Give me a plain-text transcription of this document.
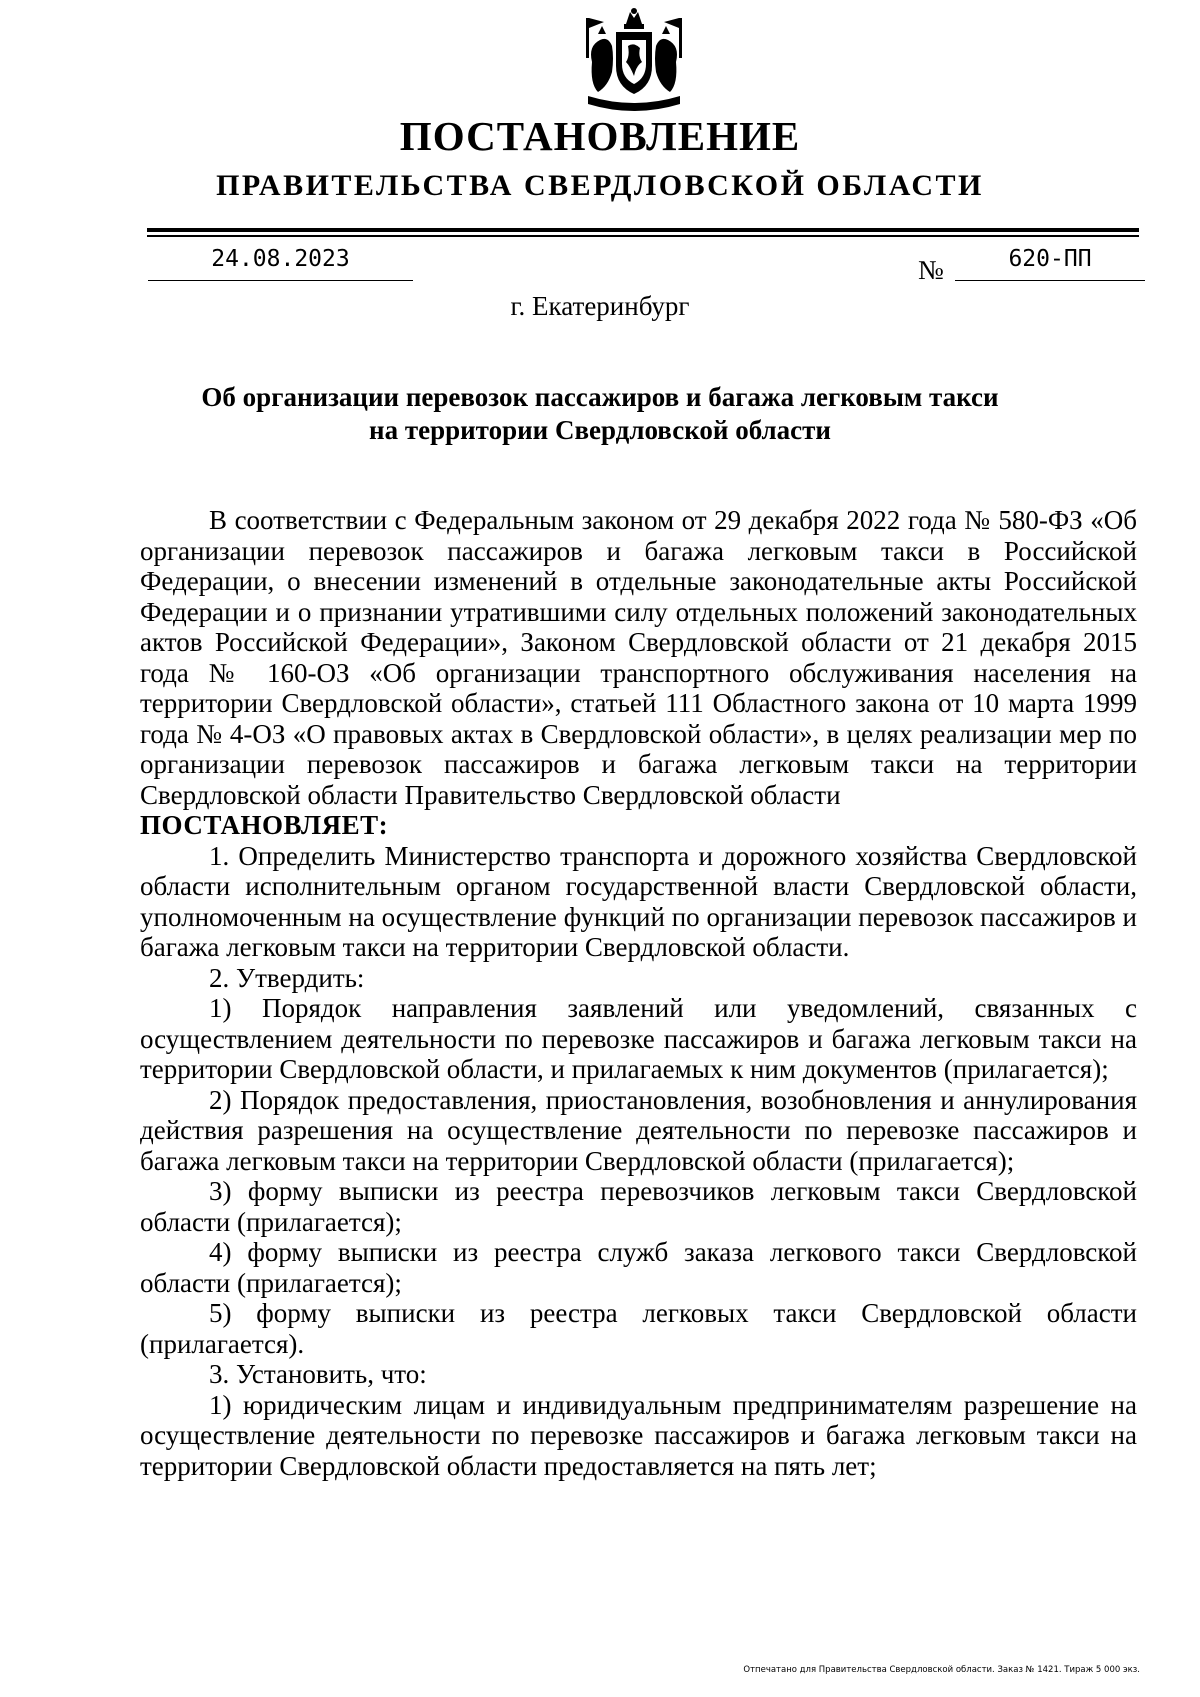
ПОСТАНОВЛЕНИЕ
ПРАВИТЕЛЬСТВА СВЕРДЛОВСКОЙ ОБЛАСТИ
24.08.2023	№	620-ПП
г. Екатеринбург
Об организации перевозок пассажиров и багажа легковым такси
на территории Свердловской области

В соответствии с Федеральным законом от 29 декабря 2022 года № 580-ФЗ «Об организации перевозок пассажиров и багажа легковым такси в Российской Федерации, о внесении изменений в отдельные законодательные акты Российской Федерации и о признании утратившими силу отдельных положений законодательных актов Российской Федерации», Законом Свердловской области от 21 декабря 2015 года № 160-ОЗ «Об организации транспортного обслуживания населения на территории Свердловской области», статьей 111 Областного закона от 10 марта 1999 года № 4-ОЗ «О правовых актах в Свердловской области», в целях реализации мер по организации перевозок пассажиров и багажа легковым такси на территории Свердловской области Правительство Свердловской области

ПОСТАНОВЛЯЕТ:

1. Определить Министерство транспорта и дорожного хозяйства Свердловской области исполнительным органом государственной власти Свердловской области, уполномоченным на осуществление функций по организации перевозок пассажиров и багажа легковым такси на территории Свердловской области.

2. Утвердить:

1) Порядок направления заявлений или уведомлений, связанных с осуществлением деятельности по перевозке пассажиров и багажа легковым такси на территории Свердловской области, и прилагаемых к ним документов (прилагается);

2) Порядок предоставления, приостановления, возобновления и аннулирования действия разрешения на осуществление деятельности по перевозке пассажиров и багажа легковым такси на территории Свердловской области (прилагается);

3) форму выписки из реестра перевозчиков легковым такси Свердловской области (прилагается);

4) форму выписки из реестра служб заказа легкового такси Свердловской области (прилагается);

5) форму выписки из реестра легковых такси Свердловской области (прилагается).

3. Установить, что:

1) юридическим лицам и индивидуальным предпринимателям разрешение на осуществление деятельности по перевозке пассажиров и багажа легковым такси на территории Свердловской области предоставляется на пять лет;

Отпечатано для Правительства Свердловской области. Заказ № 1421. Тираж 5 000 экз.
